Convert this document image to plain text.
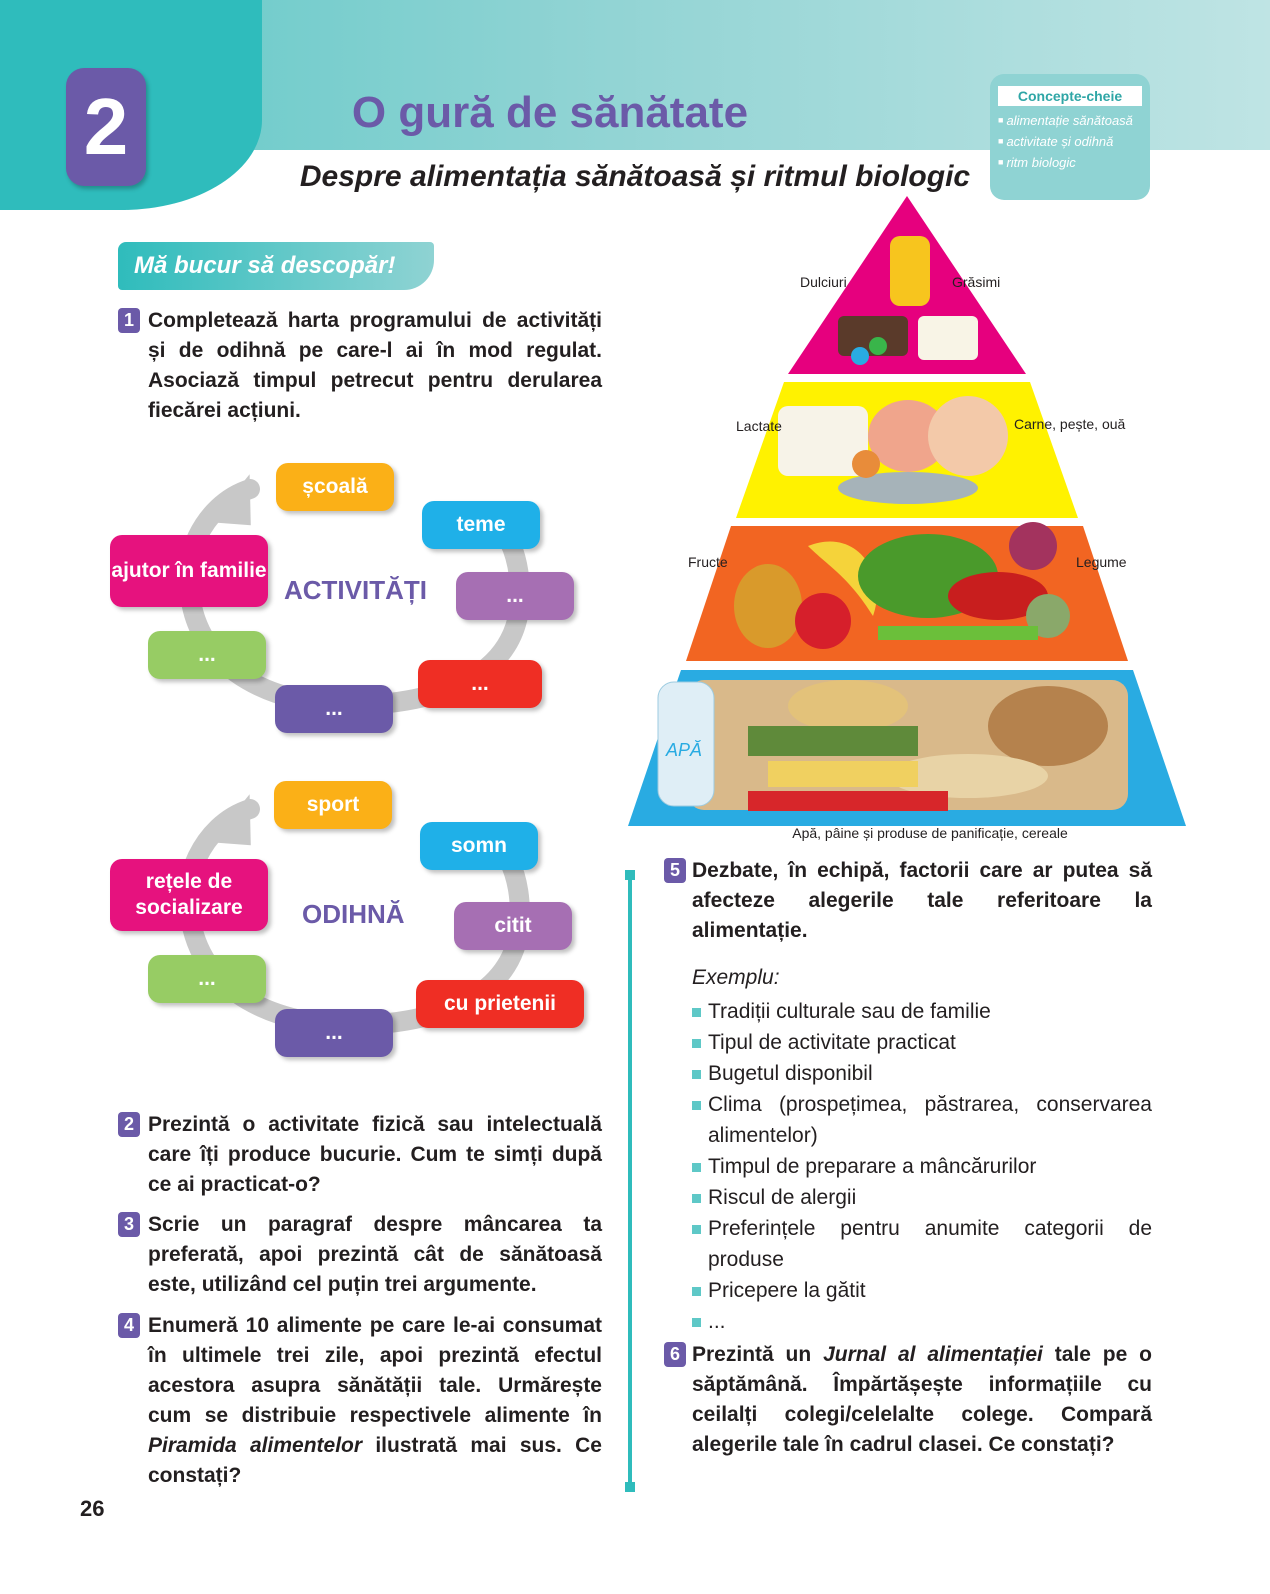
2	O gură de sănătate
Despre alimentația sănătoasă și ritmul biologic
Concepte-cheie
■ alimentație sănătoasă
■ activitate și odihnă
■ ritm biologic
Mă bucur să descopăr!
1 Completează harta programului de activități și de odihnă pe care-l ai în mod regulat. Asociază timpul petrecut pentru derularea fiecărei acțiuni.
școală
teme
...
...
...
...
ajutor în familie
ACTIVITĂȚI
sport
somn
citit
cu prietenii
...
...
rețele de socializare	ODIHNĂ
2
3
4
Prezintă o activitate fizică sau intelectuală care îți produce bucurie. Cum te simți după ce ai practicat-o?
Scrie un paragraf despre mâncarea ta preferată, apoi prezintă cât de sănătoasă este, utilizând cel puțin trei argumente.
Enumeră 10 alimente pe care le-ai consumat în ultimele trei zile, apoi prezintă efectul acestora asupra sănătății tale. Urmărește cum se distribuie respectivele alimente în Piramida alimentelor ilustrată mai sus. Ce constați?
APĂ
Dulciuri	Grăsimi
Lactate	Carne, pește, ouă
Fructe	Legume
Apă, pâine și produse de panificație, cereale
5 Dezbate, în echipă, factorii care ar putea să afecteze alegerile tale referitoare la alimentație.
Exemplu:
Tradiții culturale sau de familie
Tipul de activitate practicat
Bugetul disponibil
Clima (prospețimea, păstrarea, conservarea alimentelor)
Timpul de preparare a mâncărurilor
Riscul de alergii
Preferințele pentru anumite categorii de produse
Pricepere la gătit
...
6 Prezintă un Jurnal al alimentației tale pe o săptămână. Împărtășește informațiile cu ceilalți colegi/celelalte colege. Compară alegerile tale în cadrul clasei. Ce constați?
26
